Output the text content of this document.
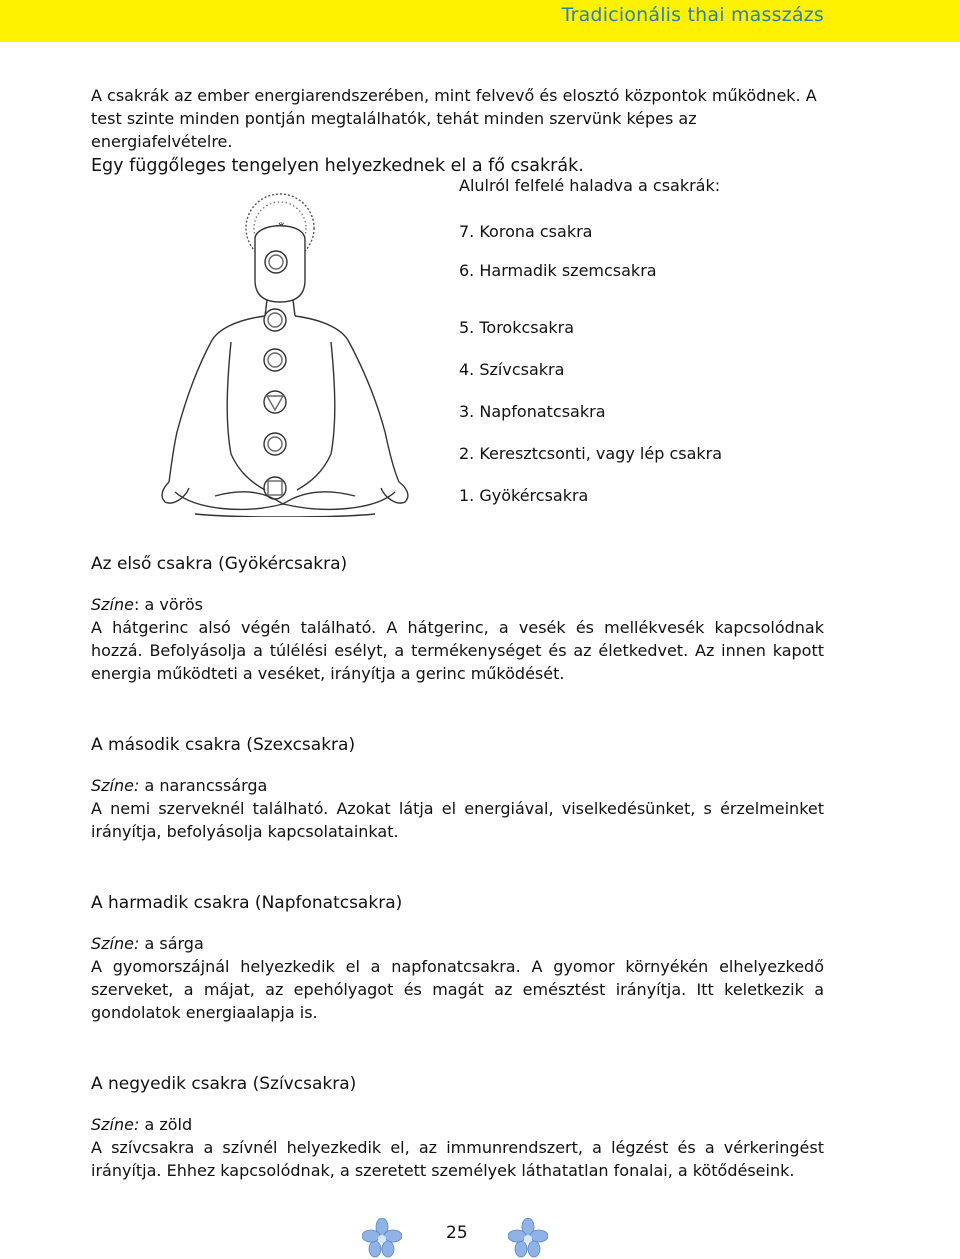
Tradicionális thai masszázs

A csakrák az ember energiarendszerében, mint felvevő és elosztó központok működnek. A test szinte minden pontján megtalálhatók, tehát minden szervünk képes az energiafelvételre.

Egy függőleges tengelyen helyezkednek el a fő csakrák.

Alulról felfelé haladva a csakrák:
7. Korona csakra
6. Harmadik szemcsakra
5. Torokcsakra
4. Szívcsakra
3. Napfonatcsakra
2. Keresztcsonti, vagy lép csakra
1. Gyökércsakra
Az első csakra (Gyökércsakra)

Színe: a vörös

A hátgerinc alsó végén található. A hátgerinc, a vesék és mellékvesék kapcsolódnak hozzá. Befolyásolja a túlélési esélyt, a termékenységet és az életkedvet. Az innen kapott energia működteti a veséket, irányítja a gerinc működését.

A második csakra (Szexcsakra)

Színe: a narancssárga

A nemi szerveknél található. Azokat látja el energiával, viselkedésünket, s érzelmeinket irányítja, befolyásolja kapcsolatainkat.

A harmadik csakra (Napfonatcsakra)

Színe: a sárga

A gyomorszájnál helyezkedik el a napfonatcsakra. A gyomor környékén elhelyezkedő szerveket, a májat, az epehólyagot és magát az emésztést irányítja. Itt keletkezik a gondolatok energiaalapja is.

A negyedik csakra (Szívcsakra)

Színe: a zöld

A szívcsakra a szívnél helyezkedik el, az immunrendszert, a légzést és a vérkeringést irányítja. Ehhez kapcsolódnak, a szeretett személyek láthatatlan fonalai, a kötődéseink.

25
